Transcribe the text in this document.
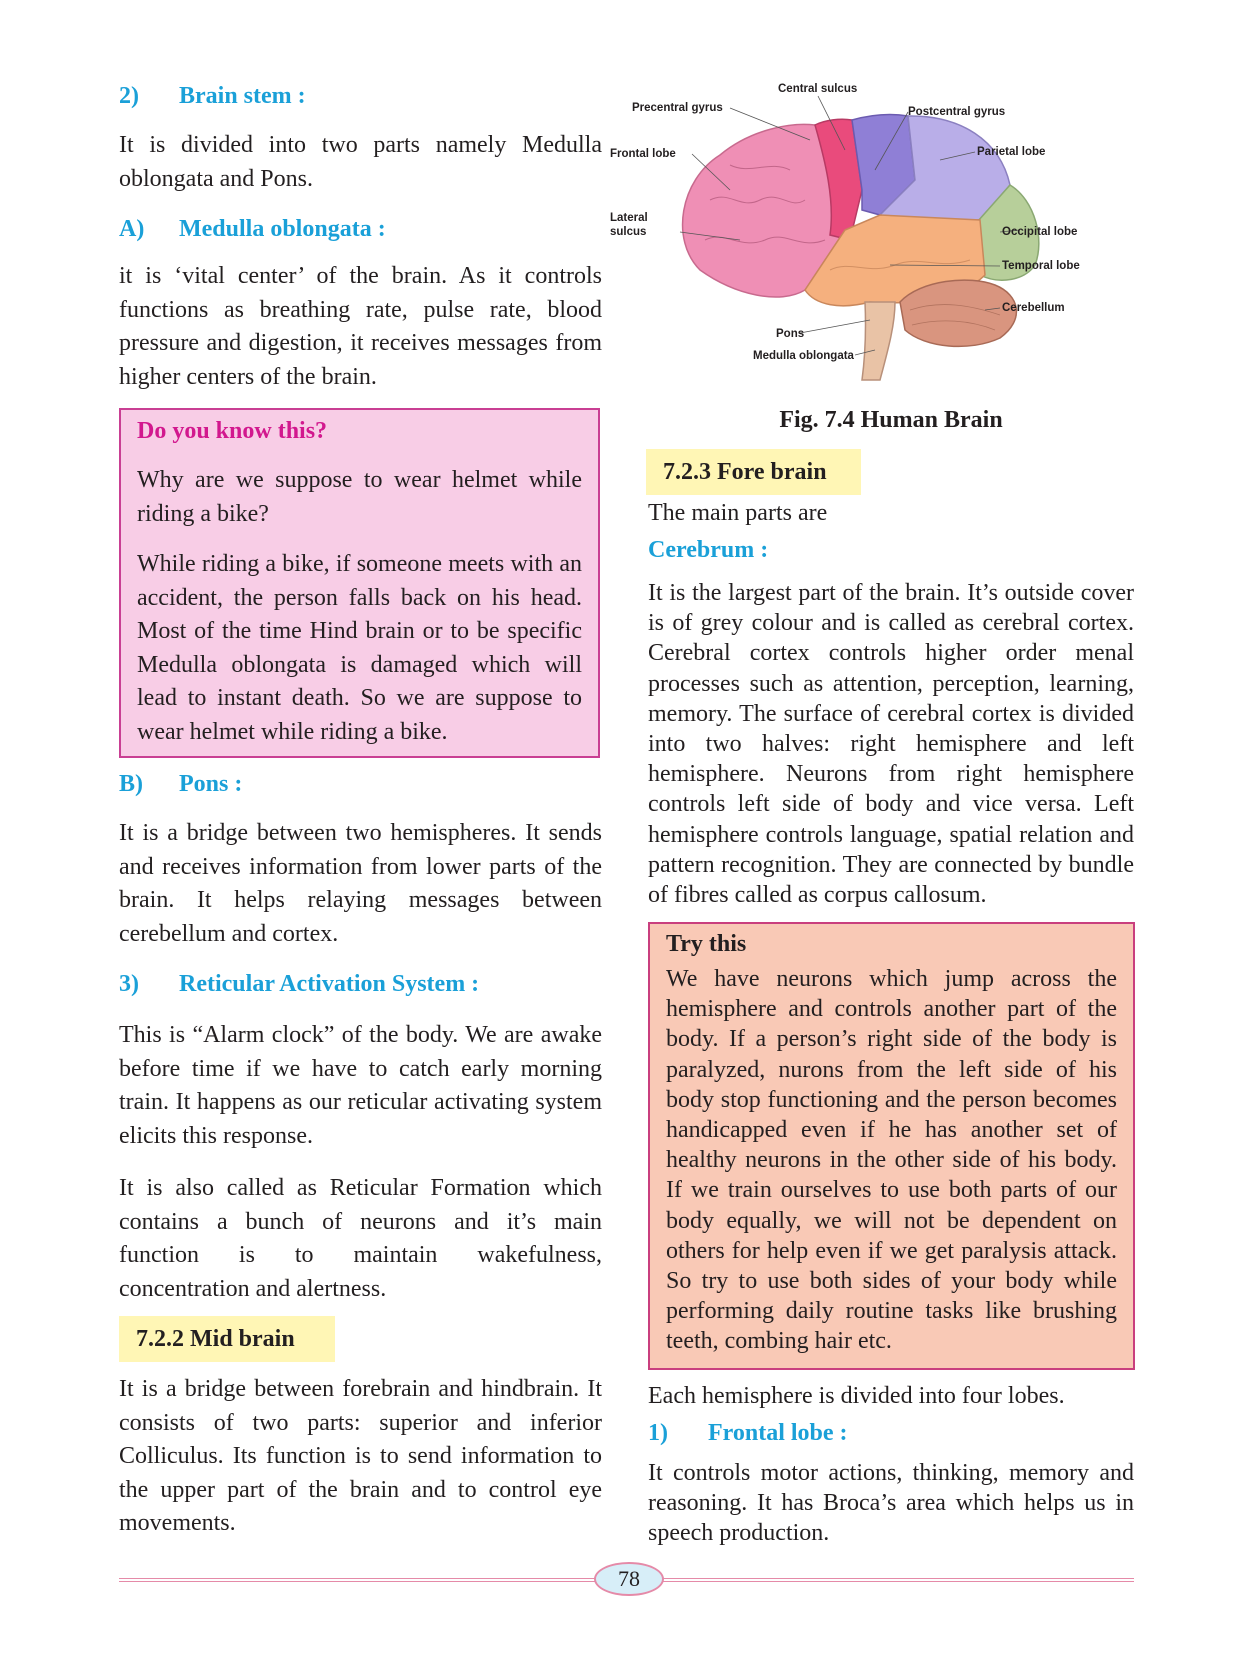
2) Brain stem :

It is divided into two parts namely Medulla oblongata and Pons.

A) Medulla oblongata :

it is ‘vital center’ of the brain. As it controls functions as breathing rate, pulse rate, blood pressure and digestion, it receives messages from higher centers of the brain.

Do you know this?

Why are we suppose to wear helmet while riding a bike?

While riding a bike, if someone meets with an accident, the person falls back on his head. Most of the time Hind brain or to be specific Medulla oblongata is damaged which will lead to instant death. So we are suppose to wear helmet while riding a bike.

B) Pons :

It is a bridge between two hemispheres. It sends and receives information from lower parts of the brain. It helps relaying messages between cerebellum and cortex.

3) Reticular Activation System :

This is “Alarm clock” of the body. We are awake before time if we have to catch early morning train. It happens as our reticular activating system elicits this response.

It is also called as Reticular Formation which contains a bunch of neurons and it’s main function is to maintain wakefulness, concentration and alertness.

7.2.2 Mid brain

It is a bridge between forebrain and hindbrain. It consists of two parts: superior and inferior Colliculus. Its function is to send information to the upper part of the brain and to control eye movements.

Central sulcus
Precentral gyrus	Postcentral gyrus
Frontal lobe	Parietal lobe
Lateral
sulcus	Occipital lobe
Temporal lobe
Cerebellum
Pons
Medulla oblongata
Fig. 7.4 Human Brain
7.2.3 Fore brain

The main parts are

Cerebrum :

It is the largest part of the brain. It’s outside cover is of grey colour and is called as cerebral cortex. Cerebral cortex controls higher order menal processes such as attention, perception, learning, memory. The surface of cerebral cortex is divided into two halves: right hemisphere and left hemisphere. Neurons from right hemisphere controls left side of body and vice versa. Left hemisphere controls language, spatial relation and pattern recognition. They are connected by bundle of fibres called as corpus callosum.

Try this

We have neurons which jump across the hemisphere and controls another part of the body. If a person’s right side of the body is paralyzed, nurons from the left side of his body stop functioning and the person becomes handicapped even if he has another set of healthy neurons in the other side of his body. If we train ourselves to use both parts of our body equally, we will not be dependent on others for help even if we get paralysis attack. So try to use both sides of your body while performing daily routine tasks like brushing teeth, combing hair etc.

Each hemisphere is divided into four lobes.

1) Frontal lobe :

It controls motor actions, thinking, memory and reasoning. It has Broca’s area which helps us in speech production.

78
